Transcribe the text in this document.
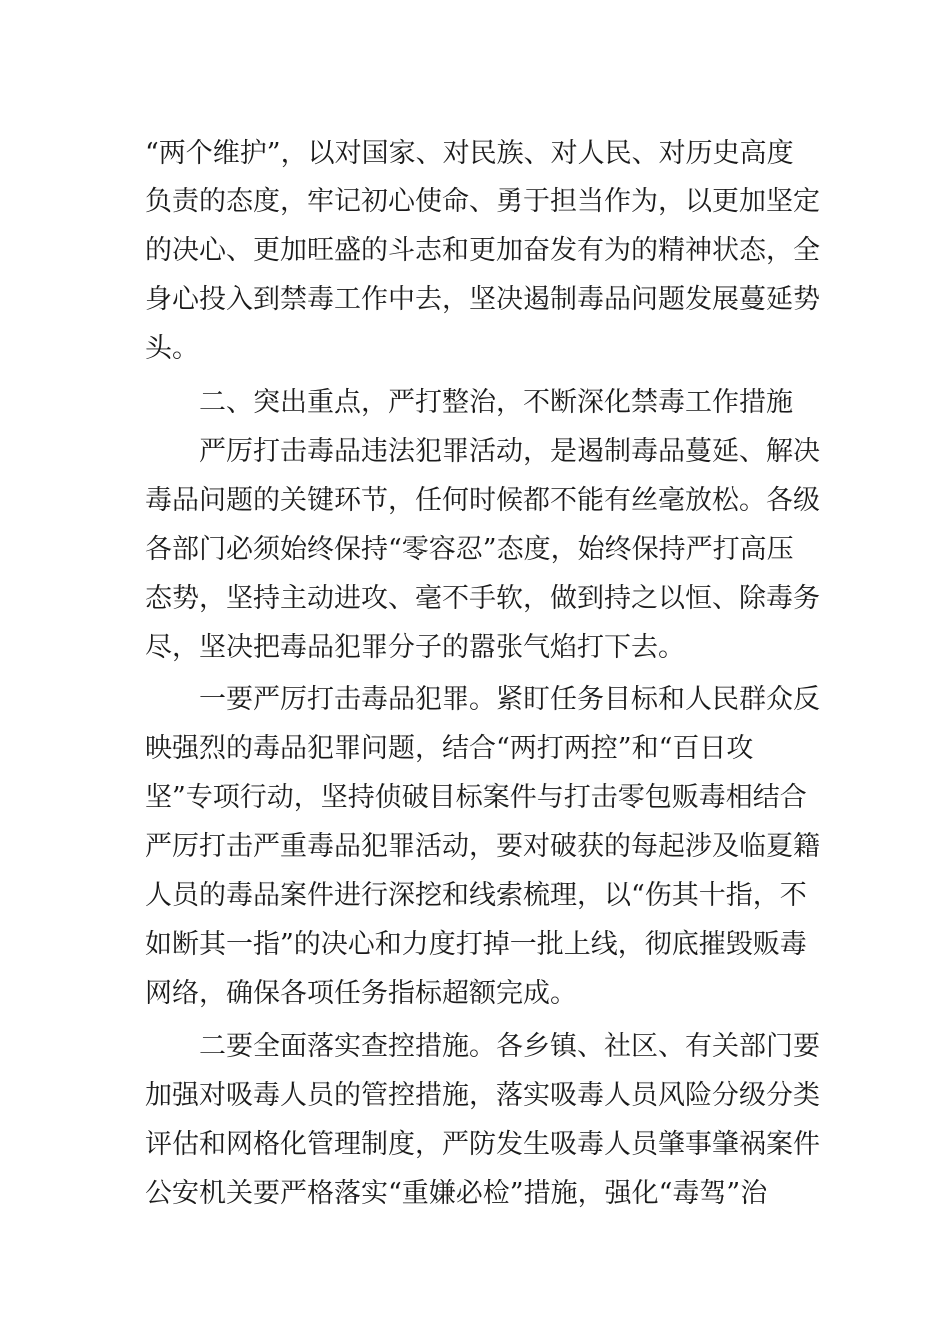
“两个维护”，以对国家、对民族、对人民、对历史高度
负责的态度，牢记初心使命、勇于担当作为，以更加坚定
的决心、更加旺盛的斗志和更加奋发有为的精神状态，全
身心投入到禁毒工作中去，坚决遏制毒品问题发展蔓延势
头。
二、突出重点，严打整治，不断深化禁毒工作措施
严厉打击毒品违法犯罪活动，是遏制毒品蔓延、解决
毒品问题的关键环节，任何时候都不能有丝毫放松。各级
各部门必须始终保持“零容忍”态度，始终保持严打高压
态势，坚持主动进攻、毫不手软，做到持之以恒、除毒务
尽，坚决把毒品犯罪分子的嚣张气焰打下去。
一要严厉打击毒品犯罪。紧盯任务目标和人民群众反
映强烈的毒品犯罪问题，结合“两打两控”和“百日攻
坚”专项行动，坚持侦破目标案件与打击零包贩毒相结合
严厉打击严重毒品犯罪活动，要对破获的每起涉及临夏籍
人员的毒品案件进行深挖和线索梳理，以“伤其十指，不
如断其一指”的决心和力度打掉一批上线，彻底摧毁贩毒
网络，确保各项任务指标超额完成。
二要全面落实查控措施。各乡镇、社区、有关部门要
加强对吸毒人员的管控措施，落实吸毒人员风险分级分类
评估和网格化管理制度，严防发生吸毒人员肇事肇祸案件
公安机关要严格落实“重嫌必检”措施，强化“毒驾”治
